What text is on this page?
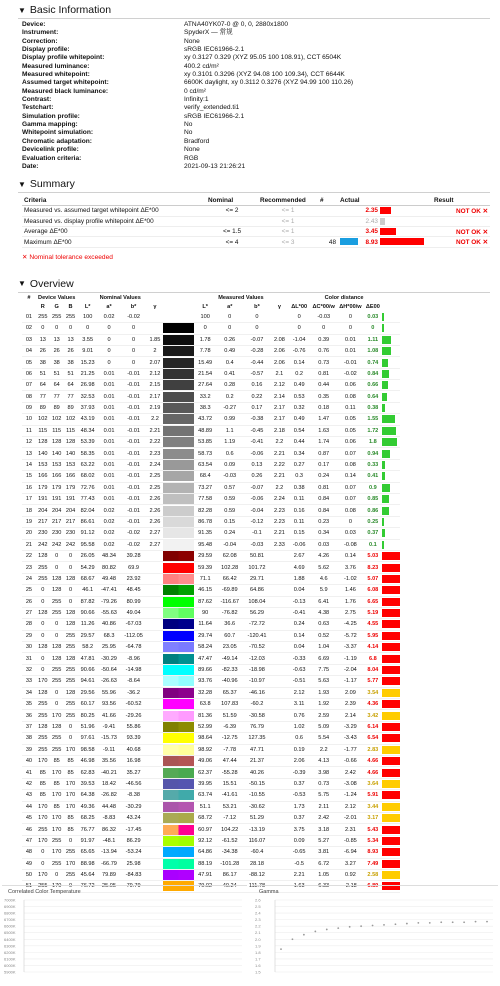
▼ Basic Information
Device:	ATNA40YK07-0 @ 0, 0, 2880x1800
Instrument:	SpyderX — 常规
Correction:	None
Display profile:	sRGB IEC61966-2.1
Display profile whitepoint:	xy 0.3127 0.329 (XYZ 95.05 100 108.91), CCT 6504K
Measured luminance:	400.2 cd/m²
Measured whitepoint:	xy 0.3101 0.3296 (XYZ 94.08 100 109.34), CCT 6644K
Assumed target whitepoint:	6600K daylight, xy 0.3112 0.3276 (XYZ 94.99 100 110.26)
Measured black luminance:	0 cd/m²
Contrast:	Infinity:1
Testchart:	verify_extended.ti1
Simulation profile:	sRGB IEC61966-2.1
Gamma mapping:	No
Whitepoint simulation:	No
Chromatic adaptation:	Bradford
Devicelink profile:	None
Evaluation criteria:	RGB
Date:	2021-09-13 21:26:21
▼ Summary
Criteria	Nominal	Recommended	#	Actual	Result
Measured vs. assumed target whitepoint ΔE*00	<= 2	<= 1		2.35	NOT OK ✕
Measured vs. display profile whitepoint ΔE*00		<= 1		2.43	
Average ΔE*00	<= 1.5	<= 1		3.45	NOT OK ✕
Maximum ΔE*00	<= 4	<= 3	48	8.93	NOT OK ✕
✕ Nominal tolerance exceeded
▼ Overview
#	Device Values			Nominal Values					Measured Values				Color distance					
	R	G	B	L*	a*	b*	γ		L*	a*	b*	γ	ΔL*00	ΔC*00/w	ΔH*00/w	ΔE00		
01	255	255	255	100	0.02	-0.02			100	0	0		0	-0.03	0	0.03		

02	0	0	0	0	0	0			0	0	0		0	0	0	0		

03	13	13	13	3.55	0	0	1.85		1.78	0.26	-0.07	2.08	-1.04	0.39	0.01	1.11		

04	26	26	26	9.01	0	0	2		7.78	0.49	-0.28	2.06	-0.76	0.76	0.01	1.08		

05	38	38	38	15.23	0	0	2.07		15.49	0.4	-0.44	2.06	0.14	0.73	-0.01	0.74		

06	51	51	51	21.25	0.01	-0.01	2.12		21.54	0.41	-0.57	2.1	0.2	0.81	-0.02	0.84		

07	64	64	64	26.98	0.01	-0.01	2.15		27.64	0.28	0.16	2.12	0.49	0.44	0.06	0.66		

08	77	77	77	32.53	0.01	-0.01	2.17		33.2	0.2	0.22	2.14	0.53	0.35	0.08	0.64		

09	89	89	89	37.93	0.01	-0.01	2.19		38.3	-0.27	0.17	2.17	0.32	0.18	0.11	0.38		

10	102	102	102	43.19	0.01	-0.01	2.2		43.72	0.99	-0.38	2.17	0.49	1.47	0.05	1.55		

11	115	115	115	48.34	0.01	-0.01	2.21		48.89	1.1	-0.45	2.18	0.54	1.63	0.05	1.72		

12	128	128	128	53.39	0.01	-0.01	2.22		53.85	1.19	-0.41	2.2	0.44	1.74	0.06	1.8		

13	140	140	140	58.35	0.01	-0.01	2.23		58.73	0.6	-0.06	2.21	0.34	0.87	0.07	0.94		

14	153	153	153	63.22	0.01	-0.01	2.24		63.54	0.09	0.13	2.22	0.27	0.17	0.08	0.33		

15	166	166	166	68.02	0.01	-0.01	2.25		68.4	-0.03	0.26	2.21	0.3	0.24	0.14	0.41		

16	179	179	179	72.76	0.01	-0.01	2.25		73.27	0.57	-0.07	2.2	0.38	0.81	0.07	0.9		

17	191	191	191	77.43	0.01	-0.01	2.26		77.58	0.59	-0.06	2.24	0.11	0.84	0.07	0.85		

18	204	204	204	82.04	0.02	-0.01	2.26		82.28	0.59	-0.04	2.23	0.16	0.84	0.08	0.86		

19	217	217	217	86.61	0.02	-0.01	2.26		86.78	0.15	-0.12	2.23	0.11	0.23	0	0.25		

20	230	230	230	91.12	0.02	-0.02	2.27		91.35	0.24	-0.1	2.21	0.15	0.34	0.03	0.37		

21	242	242	242	95.58	0.02	-0.02	2.27		95.48	-0.04	-0.03	2.33	-0.06	0.03	-0.08	0.1		

22	128	0	0	26.05	48.34	39.28			29.59	62.08	50.81		2.67	4.26	0.14	5.03		

23	255	0	0	54.29	80.82	69.9			59.39	102.28	101.72		4.69	5.62	3.76	8.23		

24	255	128	128	68.67	49.48	23.92			71.1	66.42	29.71		1.88	4.6	-1.02	5.07		

25	0	128	0	46.1	-47.41	48.45			46.15	-69.89	64.86		0.04	5.9	1.46	6.08		

26	0	255	0	87.82	-79.26	80.99			87.62	-116.67	108.04		-0.13	6.41	1.76	6.65		

27	128	255	128	90.66	-55.63	49.04			90	-76.82	56.29		-0.41	4.38	2.75	5.19		

28	0	0	128	11.26	40.86	-67.03			11.64	36.6	-72.72		0.24	0.63	-4.25	4.55		

29	0	0	255	29.57	68.3	-112.05			29.74	60.7	-120.41		0.14	0.52	-5.72	5.95		

30	128	128	255	58.2	25.95	-64.78			58.24	23.05	-70.52		0.04	1.04	-3.37	4.14		

31	0	128	128	47.81	-30.29	-8.96			47.47	-49.14	-12.03		-0.33	6.69	-1.19	6.8		

32	0	255	255	90.66	-50.64	-14.98			89.66	-82.33	-18.98		-0.63	7.75	-2.04	8.04		

33	170	255	255	94.61	-26.63	-8.64			93.76	-40.96	-10.97		-0.51	5.63	-1.17	5.77		

34	128	0	128	29.56	55.96	-36.2			32.28	65.37	-46.16		2.12	1.93	2.09	3.54		

35	255	0	255	60.17	93.56	-60.52			63.8	107.83	-60.2		3.11	1.92	2.39	4.36		

36	255	170	255	80.25	41.66	-29.26			81.36	51.59	-30.58		0.76	2.59	2.14	3.42		

37	128	128	0	51.96	-9.41	55.86			52.99	-6.39	76.79		1.02	5.09	-3.29	6.14		

38	255	255	0	97.61	-15.73	93.39			98.64	-12.75	127.35		0.6	5.54	-3.43	6.54		

39	255	255	170	98.58	-9.11	40.68			98.92	-7.78	47.71		0.19	2.2	-1.77	2.83		

40	170	85	85	46.98	35.56	16.98			49.06	47.44	21.37		2.06	4.13	-0.66	4.66		

41	85	170	85	62.83	-40.21	35.27			62.37	-55.28	40.26		-0.39	3.98	2.42	4.66		

42	85	85	170	39.53	18.42	-46.56			39.95	15.51	-50.15		0.37	0.73	-3.08	3.64		

43	85	170	170	64.38	-26.82	-8.38			63.74	-41.61	-10.55		-0.53	5.75	-1.24	5.91		

44	170	85	170	49.36	44.48	-30.29			51.1	53.21	-30.62		1.73	2.11	2.12	3.44		

45	170	170	85	68.25	-8.83	43.24			68.72	-7.12	51.29		0.37	2.42	-2.01	3.17		

46	255	170	85	76.77	86.32	-17.45			60.97	104.22	-13.19		3.75	3.18	2.31	5.43		

47	170	255	0	91.97	-48.1	86.29			92.12	-61.52	116.07		0.09	5.27	-0.85	5.34		

48	0	170	255	65.65	-13.94	-53.24			64.86	-34.38	-60.4		-0.65	3.81	-6.94	8.93		

49	0	255	170	88.98	-66.79	25.98			88.19	-101.28	28.18		-0.5	6.72	3.27	7.49		

50	170	0	255	45.64	79.89	-84.83			47.91	86.17	-88.12		2.21	1.05	0.92	2.58		

51	255	170	0	76.72	25.05	79.79			79.02	40.24	111.78		1.63	6.33	-2.18	6.89		
Correlated Color Temperature
7000K
6900K
6800K
6700K
6600K
6500K
6400K
6300K
6200K
6100K
6000K
5900K
Gamma
2.6
2.5
2.4
2.3
2.2
2.1
2.0
1.9
1.8
1.7
1.6
1.5
